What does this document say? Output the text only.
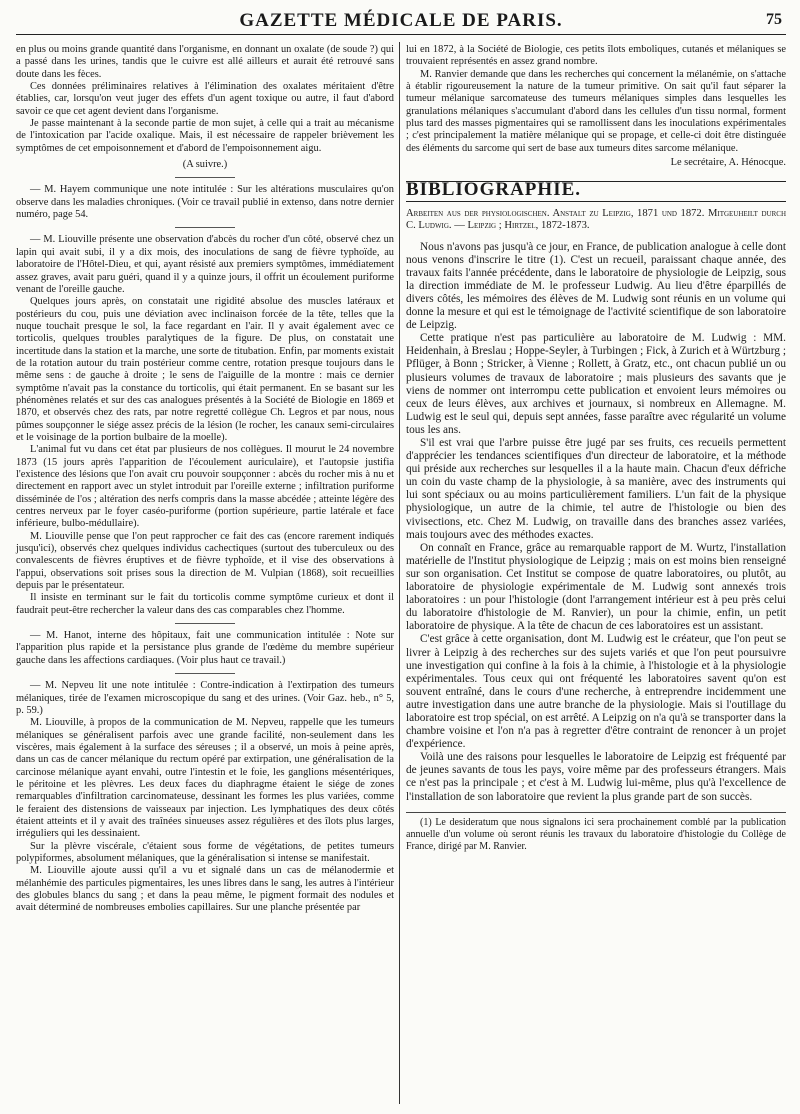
GAZETTE MÉDICALE DE PARIS.	75

en plus ou moins grande quantité dans l'organisme, en donnant un oxalate (de soude ?) qui a passé dans les urines, tandis que le cuivre est allé ailleurs et aurait été retrouvé sans doute dans les fèces.

Ces données préliminaires relatives à l'élimination des oxalates méritaient d'être établies, car, lorsqu'on veut juger des effets d'un agent toxique ou autre, il faut d'abord savoir ce que cet agent devient dans l'organisme.

Je passe maintenant à la seconde partie de mon sujet, à celle qui a trait au mécanisme de l'intoxication par l'acide oxalique. Mais, il est nécessaire de rappeler brièvement les symptômes de cet empoisonnement et d'abord de l'empoisonnement aigu.

(A suivre.)

— M. Hayem communique une note intitulée : Sur les altérations musculaires qu'on observe dans les maladies chroniques. (Voir ce travail publié in extenso, dans notre dernier numéro, page 54.

— M. Liouville présente une observation d'abcès du rocher d'un côté, observé chez un lapin qui avait subi, il y a dix mois, des inoculations de sang de fièvre typhoïde, au laboratoire de l'Hôtel-Dieu, et qui, ayant résisté aux premiers symptômes, immédiatement assez graves, avait paru guéri, quand il y a quinze jours, il offrit un écoulement puriforme venant de l'oreille gauche.

Quelques jours après, on constatait une rigidité absolue des muscles latéraux et postérieurs du cou, puis une déviation avec inclinaison forcée de la tête, telles que la nuque touchait presque le sol, la face regardant en l'air. Il y avait également avec ce torticolis, quelques troubles paralytiques de la figure. De plus, on constatait une incertitude dans la station et la marche, une sorte de titubation. Enfin, par moments existait de la rotation autour du train postérieur comme centre, rotation presque toujours dans le même sens : de gauche à droite ; le sens de l'aiguille de la montre : mais ce dernier symptôme n'avait pas la constance du torticolis, qui était permanent. En se basant sur les phénomènes relatés et sur des cas analogues présentés à la Société de Biologie en 1869 et 1870, et observés chez des rats, par notre regretté collègue Ch. Legros et par nous, nous pûmes soupçonner le siége assez précis de la lésion (le rocher, les canaux semi-circulaires et le voisinage de la portion bulbaire de la moelle).

L'animal fut vu dans cet état par plusieurs de nos collègues. Il mourut le 24 novembre 1873 (15 jours après l'apparition de l'écoulement auriculaire), et l'autopsie justifia l'existence des lésions que l'on avait cru pouvoir soupçonner : abcès du rocher mis à nu et directement en rapport avec un stylet introduit par l'oreille externe ; infiltration puriforme disséminée de l'os ; altération des nerfs compris dans la masse abcédée ; atteinte légère des centres nerveux par le foyer caséo-puriforme (portion supérieure, partie latérale et face inférieure, bulbo-médullaire).

M. Liouville pense que l'on peut rapprocher ce fait des cas (encore rarement indiqués jusqu'ici), observés chez quelques individus cachectiques (surtout des tuberculeux ou des convalescents de fièvres éruptives et de fièvre typhoïde, et il vise des observations à l'appui, observations soit prises sous la direction de M. Vulpian (1868), soit recueillies depuis par le présentateur.

Il insiste en terminant sur le fait du torticolis comme symptôme curieux et dont il faudrait peut-être rechercher la valeur dans des cas comparables chez l'homme.

— M. Hanot, interne des hôpitaux, fait une communication intitulée : Note sur l'apparition plus rapide et la persistance plus grande de l'œdème du membre supérieur gauche dans les affections cardiaques. (Voir plus haut ce travail.)

— M. Nepveu lit une note intitulée : Contre-indication à l'extirpation des tumeurs mélaniques, tirée de l'examen microscopique du sang et des urines. (Voir Gaz. heb., n° 5, p. 59.)

M. Liouville, à propos de la communication de M. Nepveu, rappelle que les tumeurs mélaniques se généralisent parfois avec une grande facilité, non-seulement dans les viscères, mais également à la surface des séreuses ; il a observé, un mois à peine après, dans un cas de cancer mélanique du rectum opéré par extirpation, une généralisation de la carcinose mélanique ayant envahi, outre l'intestin et le foie, les ganglions mésentériques, le péritoine et les plèvres. Les deux faces du diaphragme étaient le siége de zones remarquables d'infiltration carcinomateuse, dessinant les formes les plus variées, comme le feraient des distensions de vaisseaux par injection. Les lymphatiques des deux côtés étaient atteints et il y avait des traînées sinueuses assez régulières et des îlots plus larges, irréguliers qui les dessinaient.

Sur la plèvre viscérale, c'étaient sous forme de végétations, de petites tumeurs polypiformes, absolument mélaniques, que la généralisation si intense se manifestait.

M. Liouville ajoute aussi qu'il a vu et signalé dans un cas de mélanodermie et mélanhémie des particules pigmentaires, les unes libres dans le sang, les autres à l'intérieur des globules blancs du sang ; et dans la peau même, le pigment formait des nodules et avait déterminé de nombreuses embolies capillaires. Sur une planche présentée par

lui en 1872, à la Société de Biologie, ces petits îlots emboliques, cutanés et mélaniques se trouvaient représentés en assez grand nombre.

M. Ranvier demande que dans les recherches qui concernent la mélanémie, on s'attache à établir rigoureusement la nature de la tumeur primitive. On sait qu'il faut séparer la tumeur mélanique sarcomateuse des tumeurs mélaniques simples dans lesquelles les granulations mélaniques s'accumulant d'abord dans les cellules d'un tissu normal, forment plus tard des masses pigmentaires qui se ramollissent dans les inoculations expérimentales ; c'est principalement la matière mélanique qui se propage, et celle-ci doit être distinguée des éléments du sarcome qui sert de base aux tumeurs dites sarcome mélanique.

Le secrétaire, A. Hénocque.

BIBLIOGRAPHIE.

Arbeiten aus der physiologischen. Anstalt zu Leipzig, 1871 und 1872. Mitgeuheilt durch C. Ludwig. — Leipzig ; Hirtzel, 1872-1873.

Nous n'avons pas jusqu'à ce jour, en France, de publication analogue à celle dont nous venons d'inscrire le titre (1). C'est un recueil, paraissant chaque année, des travaux faits l'année précédente, dans le laboratoire de physiologie de Leipzig, sous la direction immédiate de M. le professeur Ludwig. Au lieu d'être éparpillés de divers côtés, les mémoires des élèves de M. Ludwig sont réunis en un volume qui donne la mesure et qui est le témoignage de l'activité scientifique de son laboratoire de Leipzig.

Cette pratique n'est pas particulière au laboratoire de M. Ludwig : MM. Heidenhain, à Breslau ; Hoppe-Seyler, à Turbingen ; Fick, à Zurich et à Würtzburg ; Pflüger, à Bonn ; Stricker, à Vienne ; Rollett, à Gratz, etc., ont chacun publié un ou plusieurs volumes de travaux de laboratoire ; mais plusieurs des savants que je viens de nommer ont interrompu cette publication et envoient leurs mémoires ou ceux de leurs élèves, aux archives et journaux, si nombreux en Allemagne. M. Ludwig est le seul qui, depuis sept années, fasse paraître avec régularité un volume tous les ans.

S'il est vrai que l'arbre puisse être jugé par ses fruits, ces recueils permettent d'apprécier les tendances scientifiques d'un directeur de laboratoire, et la méthode qui préside aux recherches sur lesquelles il a la haute main. Chacun d'eux défriche un coin du vaste champ de la physiologie, à sa manière, avec des instruments qui lui sont spéciaux ou au moins particulièrement familiers. L'un fait de la physique physiologique, un autre de la chimie, tel autre de l'histologie ou bien des vivisections, etc. Chez M. Ludwig, on travaille dans des branches assez variées, mais toujours avec des méthodes exactes.

On connaît en France, grâce au remarquable rapport de M. Wurtz, l'installation matérielle de l'Institut physiologique de Leipzig ; mais on est moins bien renseigné sur son organisation. Cet Institut se compose de quatre laboratoires, ou plutôt, au laboratoire de physiologie expérimentale de M. Ludwig sont annexés trois laboratoires : un pour l'histologie (dont l'arrangement intérieur est à peu près celui du laboratoire d'histologie de M. Ranvier), un pour la chimie, enfin, un petit laboratoire de physique. A la tête de chacun de ces laboratoires est un assistant.

C'est grâce à cette organisation, dont M. Ludwig est le créateur, que l'on peut se livrer à Leipzig à des recherches sur des sujets variés et que l'on peut poursuivre une investigation qui confine à la fois à la chimie, à l'histologie et à la physiologie expérimentales. Tous ceux qui ont fréquenté les laboratoires savent qu'on est souvent entraîné, dans le cours d'une recherche, à entreprendre incidemment une autre investigation dans une autre branche de la physiologie. Mais si l'outillage du laboratoire est trop spécial, on est arrêté. A Leipzig on n'a qu'à se transporter dans la chambre voisine et l'on n'a pas à regretter d'être contraint de renoncer à un projet d'expérience.

Voilà une des raisons pour lesquelles le laboratoire de Leipzig est fréquenté par de jeunes savants de tous les pays, voire même par des professeurs étrangers. Mais ce n'est pas la principale ; et c'est à M. Ludwig lui-même, plus qu'à l'excellence de l'installation de son laboratoire que revient la plus grande part de son succès.

(1) Le desideratum que nous signalons ici sera prochainement comblé par la publication annuelle d'un volume où seront réunis les travaux du laboratoire d'histologie du Collège de France, dirigé par M. Ranvier.
